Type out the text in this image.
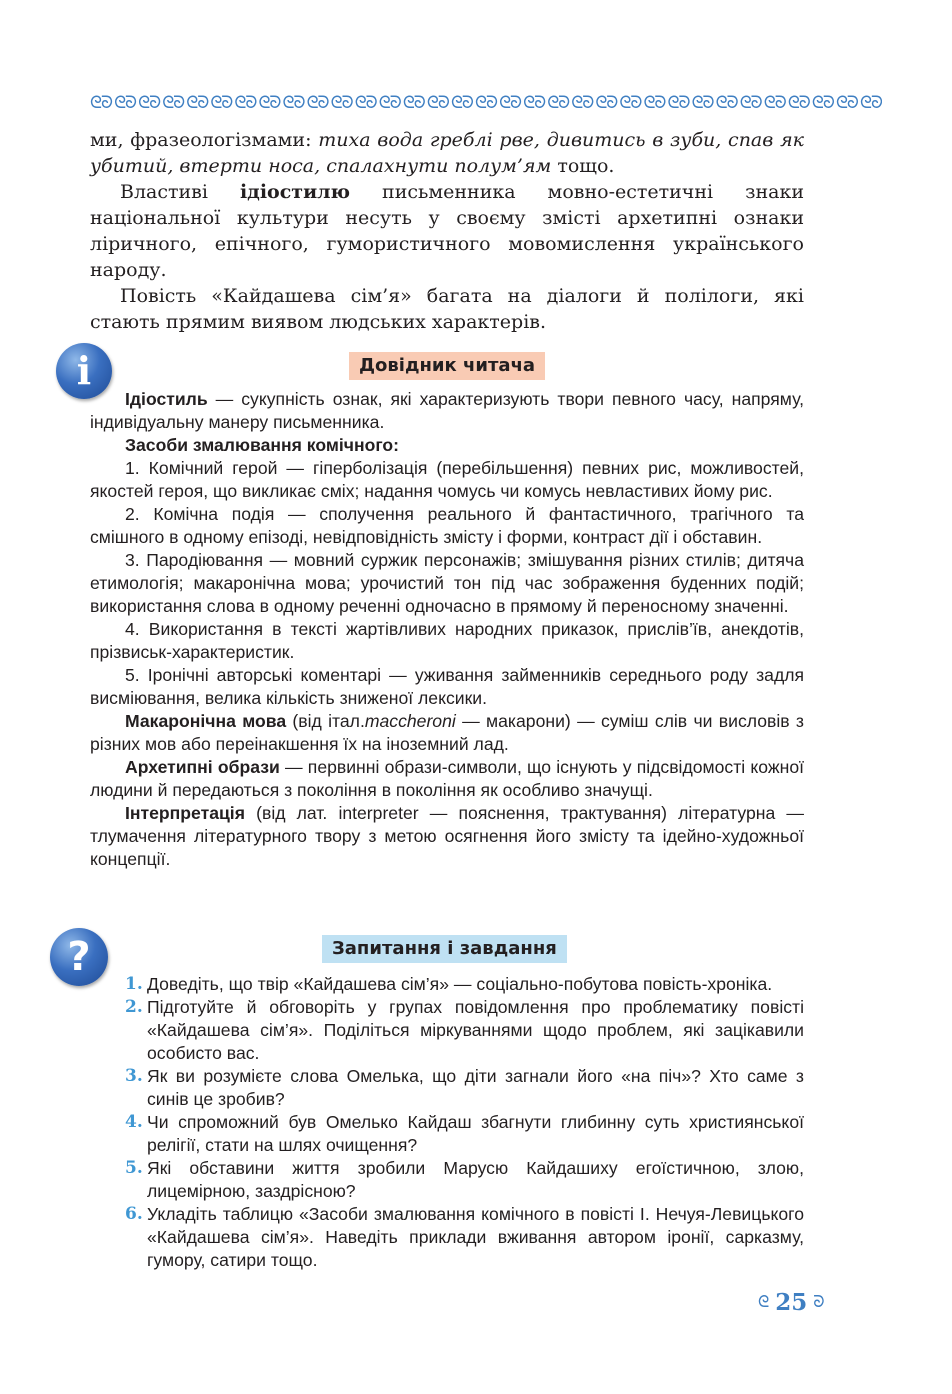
ᘓᘐ ᘓᘐ ᘓᘐ ᘓᘐ ᘓᘐ ᘓᘐ ᘓᘐ ᘓᘐ ᘓᘐ ᘓᘐ ᘓᘐ ᘓᘐ ᘓᘐ ᘓᘐ ᘓᘐ ᘓᘐ ᘓᘐ ᘓᘐ ᘓᘐ ᘓᘐ ᘓᘐ ᘓᘐ ᘓᘐ ᘓᘐ ᘓᘐ ᘓᘐ ᘓᘐ ᘓᘐ ᘓᘐ ᘓᘐ ᘓᘐ ᘓᘐ ᘓᘐ

ми, фразеологізмами: тиха вода греблі рве, дивитись в зуби, спав як убитий, втерти носа, спалахнути полум’ям тощо.

Властиві ідіостилю письменника мовно-естетичні знаки національної культури несуть у своєму змісті архетипні ознаки ліричного, епічного, гумористичного мовомислення українського народу.

Повість «Кайдашева сім’я» багата на діалоги й полілоги, які стають прямим виявом людських характерів.

i	Довідник читача

Ідіостиль — сукупність ознак, які характеризують твори певного часу, напряму, індивідуальну манеру письменника.

Засоби змалювання комічного:

1. Комічний герой — гіперболізація (перебільшення) певних рис, можливостей, якостей героя, що викликає сміх; надання чомусь чи комусь невластивих йому рис.

2. Комічна подія — сполучення реального й фантастичного, трагічного та смішного в одному епізоді, невідповідність змісту і форми, контраст дії і обставин.

3. Пародіювання — мовний суржик персонажів; змішування різних стилів; дитяча етимологія; макаронічна мова; урочистий тон під час зображення буденних подій; використання слова в одному реченні одночасно в прямому й переносному значенні.

4. Використання в тексті жартівливих народних приказок, прислів’їв, анекдотів, прізвиськ-характеристик.

5. Іронічні авторські коментарі — уживання займенників середнього роду задля висміювання, велика кількість зниженої лексики.

Макаронічна мова (від італ.maccheroni — макарони) — суміш слів чи висловів з різних мов або переінакшення їх на іноземний лад.

Архетипні образи — первинні образи-символи, що існують у підсвідомості кожної людини й передаються з покоління в покоління як особливо значущі.

Інтерпретація (від лат. interpreter — пояснення, трактування) літературна — тлумачення літературного твору з метою осягнення його змісту та ідейно-художньої концепції.

?	Запитання і завдання
1. Доведіть, що твір «Кайдашева сім’я» — соціально-побутова повість-хроніка.
2. Підготуйте й обговоріть у групах повідомлення про проблематику повісті «Кайдашева сім’я». Поділіться міркуваннями щодо проблем, які зацікавили особисто вас.
3. Як ви розумієте слова Омелька, що діти загнали його «на піч»? Хто саме з синів це зробив?
4. Чи спроможний був Омелько Кайдаш збагнути глибинну суть християнської релігії, стати на шлях очищення?
5. Які обставини життя зробили Марусю Кайдашиху егоїстичною, злою, лицемірною, заздрісною?
6. Укладіть таблицю «Засоби змалювання комічного в повісті І. Нечуя-Левицького «Кайдашева сім’я». Наведіть приклади вживання автором іронії, сарказму, гумору, сатири тощо.
ᘓ 25 ᘐ
